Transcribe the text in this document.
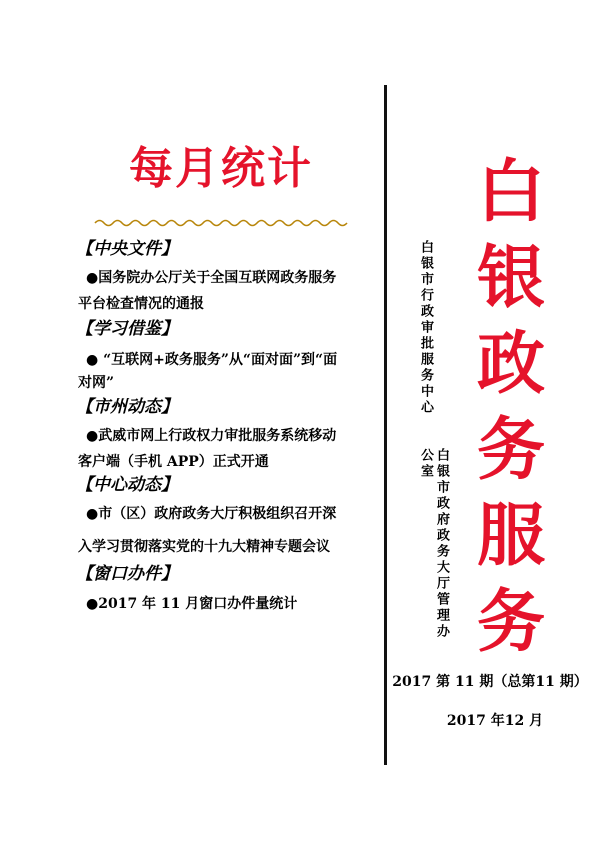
每月统计
【中央文件】
●国务院办公厅关于全国互联网政务服务
平台检查情况的通报
【学习借鉴】
● “互联网+政务服务”从“面对面”到“面
对网”
【市州动态】
●武威市网上行政权力审批服务系统移动
客户端（手机 APP）正式开通
【中心动态】
●市（区）政府政务大厅积极组织召开深
入学习贯彻落实党的十九大精神专题会议
【窗口办件】
●2017 年 11 月窗口办件量统计
白银市行政审批服务中心
白银市政府政务大厅管理办公室
白
银
政
务
服
务
2017 第 11 期（总第11 期）
2017 年12 月
